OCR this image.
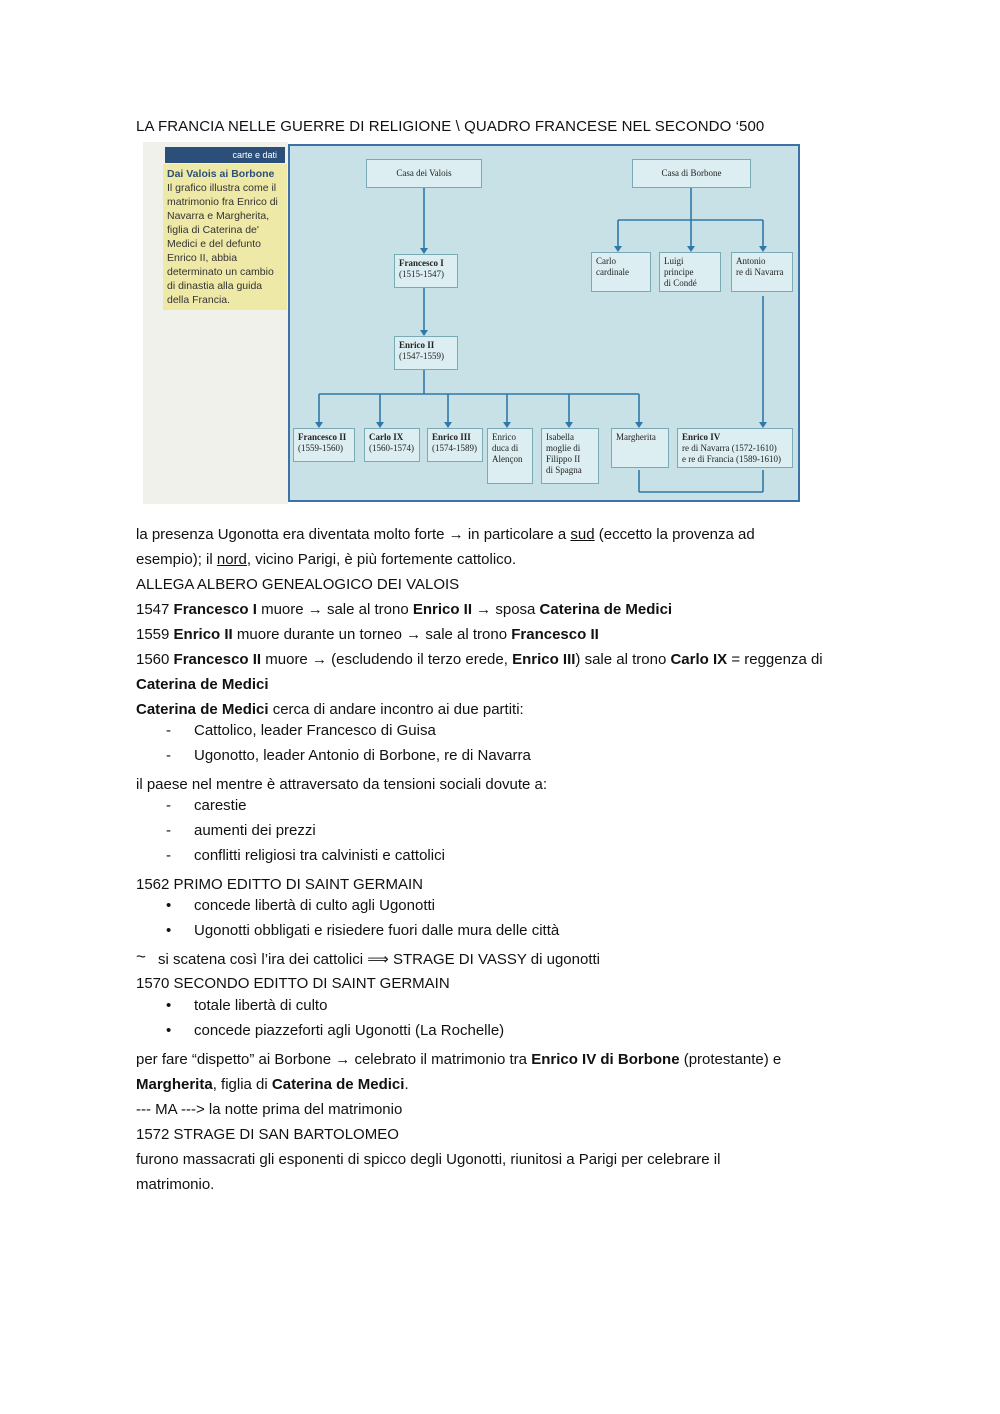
LA FRANCIA NELLE GUERRE DI RELIGIONE \ QUADRO FRANCESE NEL SECONDO ‘500
carte e dati
Dai Valois ai Borbone
Il grafico illustra come il matrimonio fra Enrico di Navarra e Margherita, figlia di Caterina de' Medici e del defunto Enrico II, abbia determinato un cambio di dinastia alla guida della Francia.
Casa dei Valois	Casa di Borbone
Francesco I
(1515-1547)
Enrico II
(1547-1559)
Carlo
cardinale
Luigi
principe
di Condé
Antonio
re di Navarra
Francesco II
(1559-1560)
Carlo IX
(1560-1574)
Enrico III
(1574-1589)
Enrico
duca di
Alençon
Isabella
moglie di
Filippo II
di Spagna
Margherita	Enrico IV
re di Navarra (1572-1610)
e re di Francia (1589-1610)
la presenza Ugonotta era diventata molto forte → in particolare a sud (eccetto la provenza ad
esempio); il nord, vicino Parigi, è più fortemente cattolico.
ALLEGA ALBERO GENEALOGICO DEI VALOIS
1547 Francesco I muore → sale al trono Enrico II → sposa Caterina de Medici
1559 Enrico II muore durante un torneo → sale al trono Francesco II
1560 Francesco II muore → (escludendo il terzo erede, Enrico III) sale al trono Carlo IX = reggenza di
Caterina de Medici
Caterina de Medici cerca di andare incontro ai due partiti:
- Cattolico, leader Francesco di Guisa
- Ugonotto, leader Antonio di Borbone, re di Navarra
il paese nel mentre è attraversato da tensioni sociali dovute a:
- carestie
- aumenti dei prezzi
- conflitti religiosi tra calvinisti e cattolici
1562 PRIMO EDITTO DI SAINT GERMAIN
• concede libertà di culto agli Ugonotti
• Ugonotti obbligati e risiedere fuori dalle mura delle città
~ si scatena così l’ira dei cattolici ⟹ STRAGE DI VASSY di ugonotti
1570 SECONDO EDITTO DI SAINT GERMAIN
• totale libertà di culto
• concede piazzeforti agli Ugonotti (La Rochelle)
per fare “dispetto” ai Borbone → celebrato il matrimonio tra Enrico IV di Borbone (protestante) e
Margherita, figlia di Caterina de Medici.
--- MA ---> la notte prima del matrimonio
1572 STRAGE DI SAN BARTOLOMEO
furono massacrati gli esponenti di spicco degli Ugonotti, riunitosi a Parigi per celebrare il
matrimonio.
